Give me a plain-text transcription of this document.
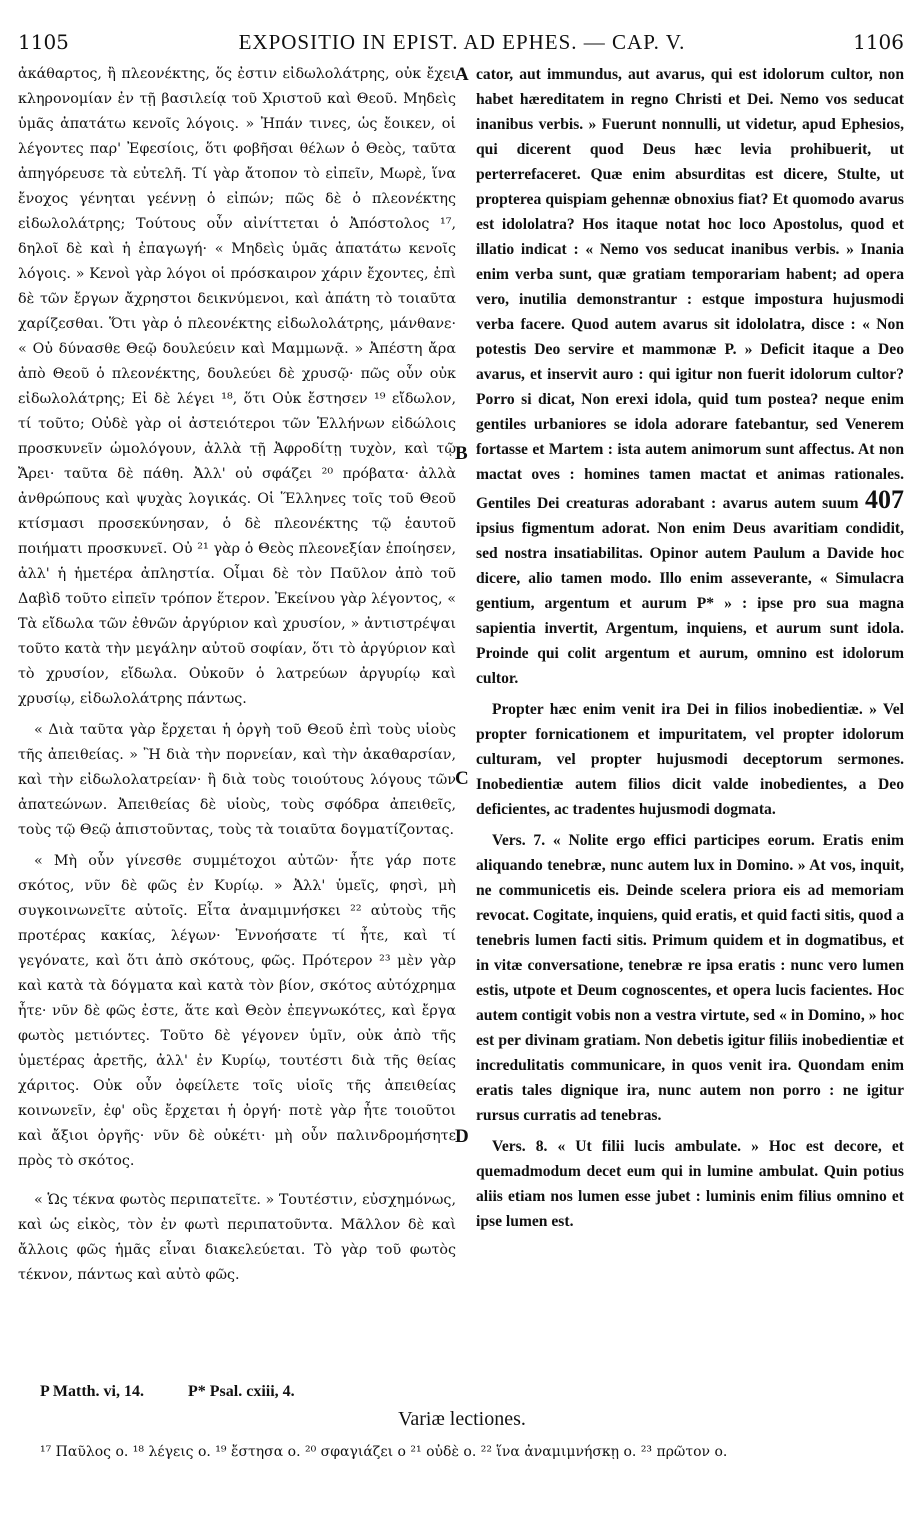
1105	EXPOSITIO IN EPIST. AD EPHES. — CAP. V.	1106

ἀκάθαρτος, ἢ πλεονέκτης, ὅς ἐστιν εἰδωλολάτρης, οὐκ ἔχει κληρονομίαν ἐν τῇ βασιλείᾳ τοῦ Χριστοῦ καὶ Θεοῦ. Μηδεὶς ὑμᾶς ἀπατάτω κενοῖς λόγοις. » Ἠπάν τινες, ὡς ἔοικεν, οἱ λέγοντες παρ' Ἐφεσίοις, ὅτι φοβῆσαι θέλων ὁ Θεὸς, ταῦτα ἀπηγόρευσε τὰ εὐτελῆ. Τί γὰρ ἄτοπον τὸ εἰπεῖν, Μωρὲ, ἵνα ἔνοχος γένηται γεέννῃ ὁ εἰπών; πῶς δὲ ὁ πλεονέκτης εἰδωλολάτρης; Τούτους οὖν αἰνίττεται ὁ Ἀπόστολος ¹⁷, δηλοῖ δὲ καὶ ἡ ἐπαγωγή· « Μηδεὶς ὑμᾶς ἀπατάτω κενοῖς λόγοις. » Κενοὶ γὰρ λόγοι οἱ πρόσκαιρον χάριν ἔχοντες, ἐπὶ δὲ τῶν ἔργων ἄχρηστοι δεικνύμενοι, καὶ ἀπάτη τὸ τοιαῦτα χαρίζεσθαι. Ὅτι γὰρ ὁ πλεονέκτης εἰδωλολάτρης, μάνθανε· « Οὐ δύνασθε Θεῷ δουλεύειν καὶ Μαμμωνᾷ. » Ἀπέστη ἄρα ἀπὸ Θεοῦ ὁ πλεονέκτης, δουλεύει δὲ χρυσῷ· πῶς οὖν οὐκ εἰδωλολάτρης; Εἰ δὲ λέγει ¹⁸, ὅτι Οὐκ ἔστησεν ¹⁹ εἴδωλον, τί τοῦτο; Οὐδὲ γὰρ οἱ ἀστειότεροι τῶν Ἑλλήνων εἰδώλοις προσκυνεῖν ὡμολόγουν, ἀλλὰ τῇ Ἀφροδίτῃ τυχὸν, καὶ τῷ Ἄρει· ταῦτα δὲ πάθη. Ἀλλ' οὐ σφάζει ²⁰ πρόβατα· ἀλλὰ ἀνθρώπους καὶ ψυχὰς λογικάς. Οἱ Ἕλληνες τοῖς τοῦ Θεοῦ κτίσμασι προσεκύνησαν, ὁ δὲ πλεονέκτης τῷ ἑαυτοῦ ποιήματι προσκυνεῖ. Οὐ ²¹ γὰρ ὁ Θεὸς πλεονεξίαν ἐποίησεν, ἀλλ' ἡ ἡμετέρα ἀπληστία. Οἶμαι δὲ τὸν Παῦλον ἀπὸ τοῦ Δαβὶδ τοῦτο εἰπεῖν τρόπον ἕτερον. Ἐκείνου γὰρ λέγοντος, « Τὰ εἴδωλα τῶν ἐθνῶν ἀργύριον καὶ χρυσίον, » ἀντιστρέψαι τοῦτο κατὰ τὴν μεγάλην αὐτοῦ σοφίαν, ὅτι τὸ ἀργύριον καὶ τὸ χρυσίον, εἴδωλα. Οὐκοῦν ὁ λατρεύων ἀργυρίῳ καὶ χρυσίῳ, εἰδωλολάτρης πάντως.

« Διὰ ταῦτα γὰρ ἔρχεται ἡ ὀργὴ τοῦ Θεοῦ ἐπὶ τοὺς υἱοὺς τῆς ἀπειθείας. » Ἢ διὰ τὴν πορνείαν, καὶ τὴν ἀκαθαρσίαν, καὶ τὴν εἰδωλολατρείαν· ἢ διὰ τοὺς τοιούτους λόγους τῶν ἀπατεώνων. Ἀπειθείας δὲ υἱοὺς, τοὺς σφόδρα ἀπειθεῖς, τοὺς τῷ Θεῷ ἀπιστοῦντας, τοὺς τὰ τοιαῦτα δογματίζοντας.

« Μὴ οὖν γίνεσθε συμμέτοχοι αὐτῶν· ἦτε γάρ ποτε σκότος, νῦν δὲ φῶς ἐν Κυρίῳ. » Ἀλλ' ὑμεῖς, φησὶ, μὴ συγκοινωνεῖτε αὐτοῖς. Εἶτα ἀναμιμνήσκει ²² αὐτοὺς τῆς προτέρας κακίας, λέγων· Ἐννοήσατε τί ἦτε, καὶ τί γεγόνατε, καὶ ὅτι ἀπὸ σκότους, φῶς. Πρότερον ²³ μὲν γὰρ καὶ κατὰ τὰ δόγματα καὶ κατὰ τὸν βίον, σκότος αὐτόχρημα ἦτε· νῦν δὲ φῶς ἐστε, ἅτε καὶ Θεὸν ἐπεγνωκότες, καὶ ἔργα φωτὸς μετιόντες. Τοῦτο δὲ γέγονεν ὑμῖν, οὐκ ἀπὸ τῆς ὑμετέρας ἀρετῆς, ἀλλ' ἐν Κυρίῳ, τουτέστι διὰ τῆς θείας χάριτος. Οὐκ οὖν ὀφείλετε τοῖς υἱοῖς τῆς ἀπειθείας κοινωνεῖν, ἐφ' οὓς ἔρχεται ἡ ὀργή· ποτὲ γὰρ ἦτε τοιοῦτοι καὶ ἄξιοι ὀργῆς· νῦν δὲ οὐκέτι· μὴ οὖν παλινδρομήσητε πρὸς τὸ σκότος.

« Ὡς τέκνα φωτὸς περιπατεῖτε. » Τουτέστιν, εὐσχημόνως, καὶ ὡς εἰκὸς, τὸν ἐν φωτὶ περιπατοῦντα. Μᾶλλον δὲ καὶ ἄλλοις φῶς ἡμᾶς εἶναι διακελεύεται. Τὸ γὰρ τοῦ φωτὸς τέκνον, πάντως καὶ αὐτὸ φῶς.

A
B
C
D

cator, aut immundus, aut avarus, qui est idolorum cultor, non habet hæreditatem in regno Christi et Dei. Nemo vos seducat inanibus verbis. » Fuerunt nonnulli, ut videtur, apud Ephesios, qui dicerent quod Deus hæc levia prohibuerit, ut perterrefaceret. Quæ enim absurditas est dicere, Stulte, ut propterea quispiam gehennæ obnoxius fiat? Et quomodo avarus est idololatra? Hos itaque notat hoc loco Apostolus, quod et illatio indicat : « Nemo vos seducat inanibus verbis. » Inania enim verba sunt, quæ gratiam temporariam habent; ad opera vero, inutilia demonstrantur : estque impostura hujusmodi verba facere. Quod autem avarus sit idololatra, disce : « Non potestis Deo servire et mammonæ P. » Deficit itaque a Deo avarus, et inservit auro : qui igitur non fuerit idolorum cultor? Porro si dicat, Non erexi idola, quid tum postea? neque enim gentiles urbaniores se idola adorare fatebantur, sed Venerem fortasse et Martem : ista autem animorum sunt affectus. At non mactat oves : homines tamen mactat et animas rationales. Gentiles Dei creaturas adorabant : avarus autem suum 407 ipsius figmentum adorat. Non enim Deus avaritiam condidit, sed nostra insatiabilitas. Opinor autem Paulum a Davide hoc dicere, alio tamen modo. Illo enim asseverante, « Simulacra gentium, argentum et aurum P* » : ipse pro sua magna sapientia invertit, Argentum, inquiens, et aurum sunt idola. Proinde qui colit argentum et aurum, omnino est idolorum cultor.

Propter hæc enim venit ira Dei in filios inobedientiæ. » Vel propter fornicationem et impuritatem, vel propter idolorum culturam, vel propter hujusmodi deceptorum sermones. Inobedientiæ autem filios dicit valde inobedientes, a Deo deficientes, ac tradentes hujusmodi dogmata.

Vers. 7. « Nolite ergo effici participes eorum. Eratis enim aliquando tenebræ, nunc autem lux in Domino. » At vos, inquit, ne communicetis eis. Deinde scelera priora eis ad memoriam revocat. Cogitate, inquiens, quid eratis, et quid facti sitis, quod a tenebris lumen facti sitis. Primum quidem et in dogmatibus, et in vitæ conversatione, tenebræ re ipsa eratis : nunc vero lumen estis, utpote et Deum cognoscentes, et opera lucis facientes. Hoc autem contigit vobis non a vestra virtute, sed « in Domino, » hoc est per divinam gratiam. Non debetis igitur filiis inobedientiæ et incredulitatis communicare, in quos venit ira. Quondam enim eratis tales dignique ira, nunc autem non porro : ne igitur rursus curratis ad tenebras.

Vers. 8. « Ut filii lucis ambulate. » Hoc est decore, et quemadmodum decet eum qui in lumine ambulat. Quin potius aliis etiam nos lumen esse jubet : luminis enim filius omnino et ipse lumen est.

P Matth. vi, 14.	P* Psal. cxiii, 4.
Variæ lectiones.
¹⁷ Παῦλος ο. ¹⁸ λέγεις ο. ¹⁹ ἔστησα ο. ²⁰ σφαγιάζει ο ²¹ οὐδὲ ο. ²² ἵνα ἀναμιμνήσκῃ ο. ²³ πρῶτον ο.
